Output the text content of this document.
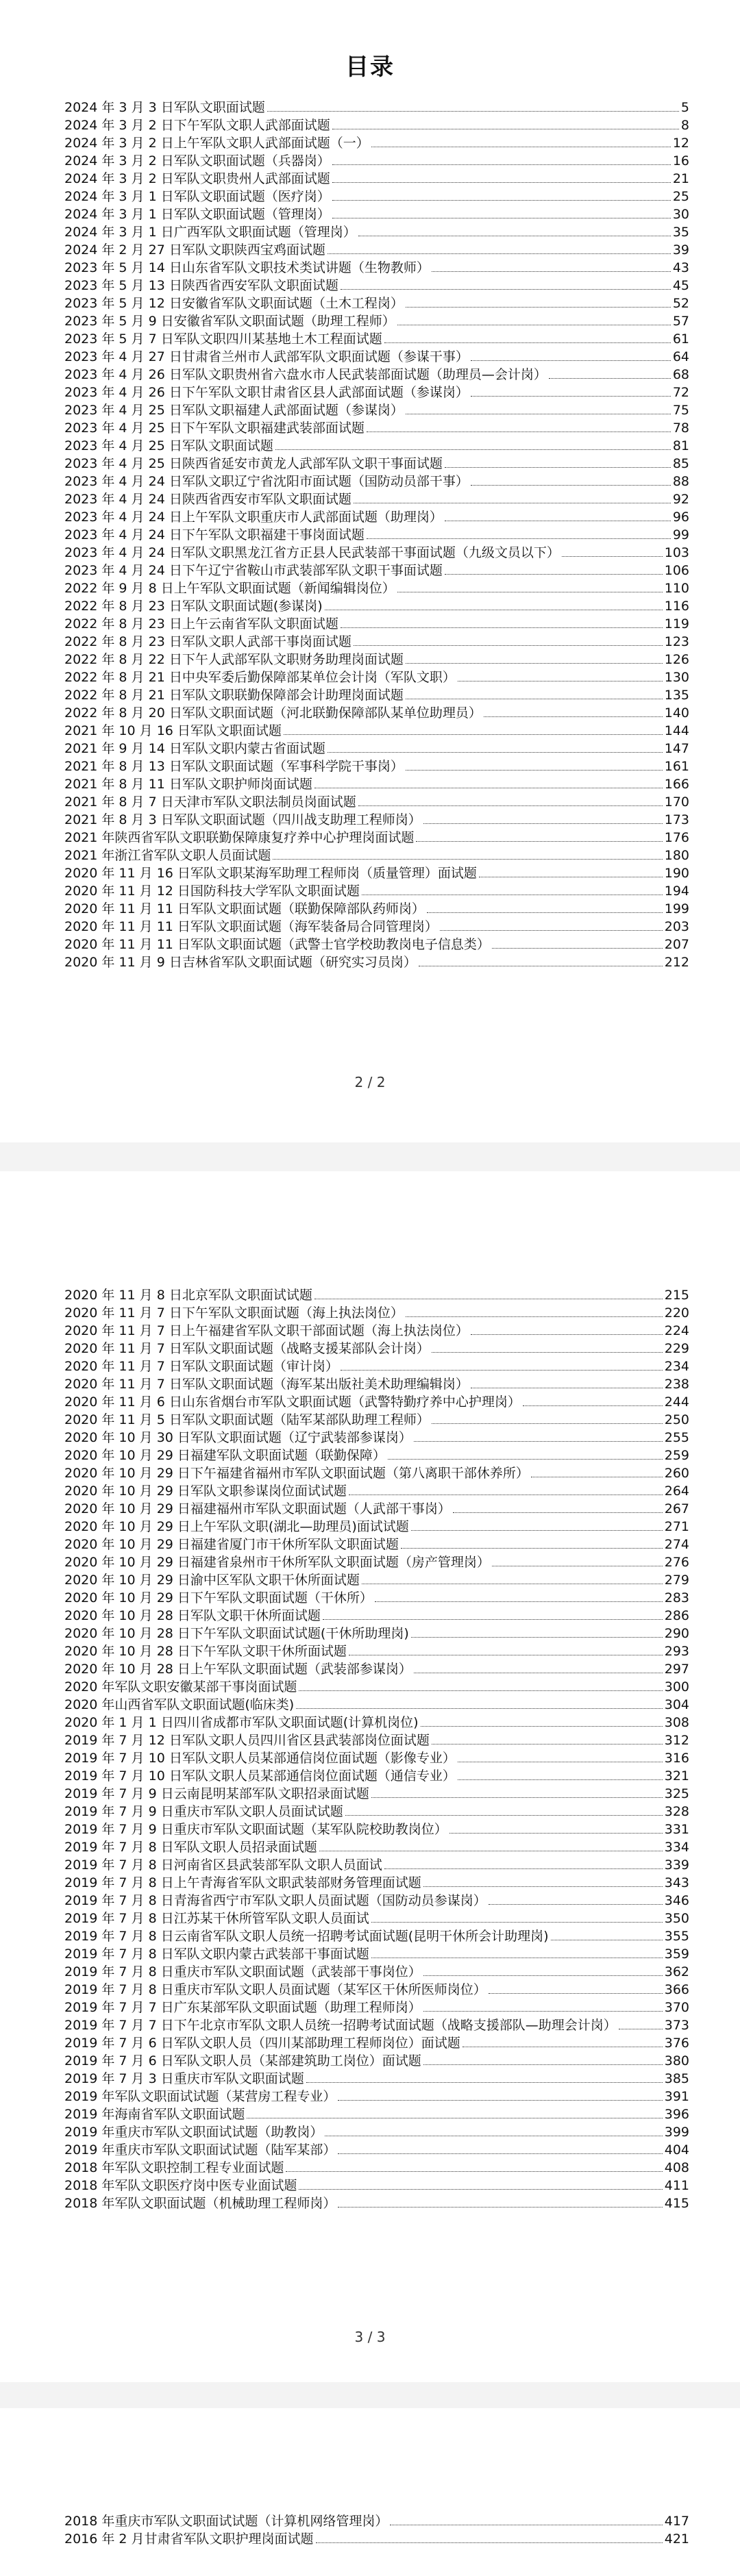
目录
2024 年 3 月 3 日军队文职面试题	5
2024 年 3 月 2 日下午军队文职人武部面试题	8
2024 年 3 月 2 日上午军队文职人武部面试题（一）	12
2024 年 3 月 2 日军队文职面试题（兵器岗）	16
2024 年 3 月 2 日军队文职贵州人武部面试题	21
2024 年 3 月 1 日军队文职面试题（医疗岗）	25
2024 年 3 月 1 日军队文职面试题（管理岗）	30
2024 年 3 月 1 日广西军队文职面试题（管理岗）	35
2024 年 2 月 27 日军队文职陕西宝鸡面试题	39
2023 年 5 月 14 日山东省军队文职技术类试讲题（生物教师）	43
2023 年 5 月 13 日陕西省西安军队文职面试题	45
2023 年 5 月 12 日安徽省军队文职面试题（土木工程岗）	52
2023 年 5 月 9 日安徽省军队文职面试题（助理工程师）	57
2023 年 5 月 7 日军队文职四川某基地土木工程面试题	61
2023 年 4 月 27 日甘肃省兰州市人武部军队文职面试题（参谋干事）	64
2023 年 4 月 26 日军队文职贵州省六盘水市人民武装部面试题（助理员—会计岗）	68
2023 年 4 月 26 日下午军队文职甘肃省区县人武部面试题（参谋岗）	72
2023 年 4 月 25 日军队文职福建人武部面试题（参谋岗）	75
2023 年 4 月 25 日下午军队文职福建武装部面试题	78
2023 年 4 月 25 日军队文职面试题	81
2023 年 4 月 25 日陕西省延安市黄龙人武部军队文职干事面试题	85
2023 年 4 月 24 日军队文职辽宁省沈阳市面试题（国防动员部干事）	88
2023 年 4 月 24 日陕西省西安市军队文职面试题	92
2023 年 4 月 24 日上午军队文职重庆市人武部面试题（助理岗）	96
2023 年 4 月 24 日下午军队文职福建干事岗面试题	99
2023 年 4 月 24 日军队文职黑龙江省方正县人民武装部干事面试题（九级文员以下）	103
2023 年 4 月 24 日下午辽宁省鞍山市武装部军队文职干事面试题	106
2022 年 9 月 8 日上午军队文职面试题（新闻编辑岗位）	110
2022 年 8 月 23 日军队文职面试题(参谋岗)	116
2022 年 8 月 23 日上午云南省军队文职面试题	119
2022 年 8 月 23 日军队文职人武部干事岗面试题	123
2022 年 8 月 22 日下午人武部军队文职财务助理岗面试题	126
2022 年 8 月 21 日中央军委后勤保障部某单位会计岗（军队文职）	130
2022 年 8 月 21 日军队文职联勤保障部会计助理岗面试题	135
2022 年 8 月 20 日军队文职面试题（河北联勤保障部队某单位助理员）	140
2021 年 10 月 16 日军队文职面试题	144
2021 年 9 月 14 日军队文职内蒙古省面试题	147
2021 年 8 月 13 日军队文职面试题（军事科学院干事岗）	161
2021 年 8 月 11 日军队文职护师岗面试题	166
2021 年 8 月 7 日天津市军队文职法制员岗面试题	170
2021 年 8 月 3 日军队文职面试题（四川战支助理工程师岗）	173
2021 年陕西省军队文职联勤保障康复疗养中心护理岗面试题	176
2021 年浙江省军队文职人员面试题	180
2020 年 11 月 16 日军队文职某海军助理工程师岗（质量管理）面试题	190
2020 年 11 月 12 日国防科技大学军队文职面试题	194
2020 年 11 月 11 日军队文职面试题（联勤保障部队药师岗）	199
2020 年 11 月 11 日军队文职面试题（海军装备局合同管理岗）	203
2020 年 11 月 11 日军队文职面试题（武警士官学校助教岗电子信息类）	207
2020 年 11 月 9 日吉林省军队文职面试题（研究实习员岗）	212
2 / 2
2020 年 11 月 8 日北京军队文职面试试题	215
2020 年 11 月 7 日下午军队文职面试题（海上执法岗位）	220
2020 年 11 月 7 日上午福建省军队文职干部面试题（海上执法岗位）	224
2020 年 11 月 7 日军队文职面试题（战略支援某部队会计岗）	229
2020 年 11 月 7 日军队文职面试题（审计岗）	234
2020 年 11 月 7 日军队文职面试题（海军某出版社美术助理编辑岗）	238
2020 年 11 月 6 日山东省烟台市军队文职面试题（武警特勤疗养中心护理岗）	244
2020 年 11 月 5 日军队文职面试题（陆军某部队助理工程师）	250
2020 年 10 月 30 日军队文职面试题（辽宁武装部参谋岗）	255
2020 年 10 月 29 日福建军队文职面试题（联勤保障）	259
2020 年 10 月 29 日下午福建省福州市军队文职面试题（第八离职干部休养所）	260
2020 年 10 月 29 日军队文职参谋岗位面试试题	264
2020 年 10 月 29 日福建福州市军队文职面试题（人武部干事岗）	267
2020 年 10 月 29 日上午军队文职(湖北—助理员)面试试题	271
2020 年 10 月 29 日福建省厦门市干休所军队文职面试题	274
2020 年 10 月 29 日福建省泉州市干休所军队文职面试题（房产管理岗）	276
2020 年 10 月 29 日渝中区军队文职干休所面试题	279
2020 年 10 月 29 日下午军队文职面试题（干休所）	283
2020 年 10 月 28 日军队文职干休所面试题	286
2020 年 10 月 28 日下午军队文职面试试题(干休所助理岗)	290
2020 年 10 月 28 日下午军队文职干休所面试题	293
2020 年 10 月 28 日上午军队文职面试题（武装部参谋岗）	297
2020 年军队文职安徽某部干事岗面试题	300
2020 年山西省军队文职面试题(临床类)	304
2020 年 1 月 1 日四川省成都市军队文职面试题(计算机岗位)	308
2019 年 7 月 12 日军队文职人员四川省区县武装部岗位面试题	312
2019 年 7 月 10 日军队文职人员某部通信岗位面试题（影像专业）	316
2019 年 7 月 10 日军队文职人员某部通信岗位面试题（通信专业）	321
2019 年 7 月 9 日云南昆明某部军队文职招录面试题	325
2019 年 7 月 9 日重庆市军队文职人员面试试题	328
2019 年 7 月 9 日重庆市军队文职面试题（某军队院校助教岗位）	331
2019 年 7 月 8 日军队文职人员招录面试题	334
2019 年 7 月 8 日河南省区县武装部军队文职人员面试	339
2019 年 7 月 8 日上午青海省军队文职武装部财务管理面试题	343
2019 年 7 月 8 日青海省西宁市军队文职人员面试题（国防动员参谋岗）	346
2019 年 7 月 8 日江苏某干休所管军队文职人员面试	350
2019 年 7 月 8 日云南省军队文职人员统一招聘考试面试题(昆明干休所会计助理岗)	355
2019 年 7 月 8 日军队文职内蒙古武装部干事面试题	359
2019 年 7 月 8 日重庆市军队文职面试题（武装部干事岗位）	362
2019 年 7 月 8 日重庆市军队文职人员面试题（某军区干休所医师岗位）	366
2019 年 7 月 7 日广东某部军队文职面试题（助理工程师岗）	370
2019 年 7 月 7 日下午北京市军队文职人员统一招聘考试面试题（战略支援部队—助理会计岗）	373
2019 年 7 月 6 日军队文职人员（四川某部助理工程师岗位）面试题	376
2019 年 7 月 6 日军队文职人员（某部建筑助工岗位）面试题	380
2019 年 7 月 3 日重庆市军队文职面试题	385
2019 年军队文职面试试题（某营房工程专业）	391
2019 年海南省军队文职面试题	396
2019 年重庆市军队文职面试试题（助教岗）	399
2019 年重庆市军队文职面试试题（陆军某部）	404
2018 年军队文职控制工程专业面试题	408
2018 年军队文职医疗岗中医专业面试题	411
2018 年军队文职面试题（机械助理工程师岗）	415
3 / 3
2018 年重庆市军队文职面试试题（计算机网络管理岗）	417
2016 年 2 月甘肃省军队文职护理岗面试题	421
